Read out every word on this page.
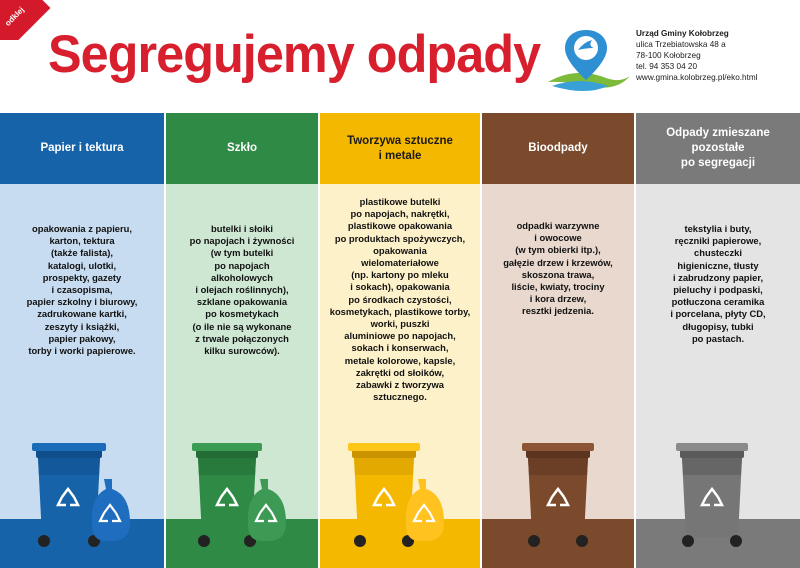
odklej
Segregujemy odpady	Urząd Gminy Kołobrzeg
ulica Trzebiatowska 48 a
78-100 Kołobrzeg
tel. 94 353 04 20
www.gmina.kolobrzeg.pl/eko.html
Papier i tektura
opakowania z papieru,
karton, tektura
(także falista),
katalogi, ulotki,
prospekty, gazety
i czasopisma,
papier szkolny i biurowy,
zadrukowane kartki,
zeszyty i książki,
papier pakowy,
torby i worki papierowe.
Szkło
butelki i słoiki
po napojach i żywności
(w tym butelki
po napojach
alkoholowych
i olejach roślinnych),
szklane opakowania
po kosmetykach
(o ile nie są wykonane
z trwale połączonych
kilku surowców).
Tworzywa sztuczne
i metale
plastikowe butelki
po napojach, nakrętki,
plastikowe opakowania
po produktach spożywczych,
opakowania
wielomateriałowe
(np. kartony po mleku
i sokach), opakowania
po środkach czystości,
kosmetykach, plastikowe torby,
worki, puszki
aluminiowe po napojach,
sokach i konserwach,
metale kolorowe, kapsle,
zakrętki od słoików,
zabawki z tworzywa
sztucznego.
Bioodpady
odpadki warzywne
i owocowe
(w tym obierki itp.),
gałęzie drzew i krzewów,
skoszona trawa,
liście, kwiaty, trociny
i kora drzew,
resztki jedzenia.
Odpady zmieszane
pozostałe
po segregacji
tekstylia i buty,
ręczniki papierowe,
chusteczki
higieniczne, tłusty
i zabrudzony papier,
pieluchy i podpaski,
potłuczona ceramika
i porcelana, płyty CD,
długopisy, tubki
po pastach.
